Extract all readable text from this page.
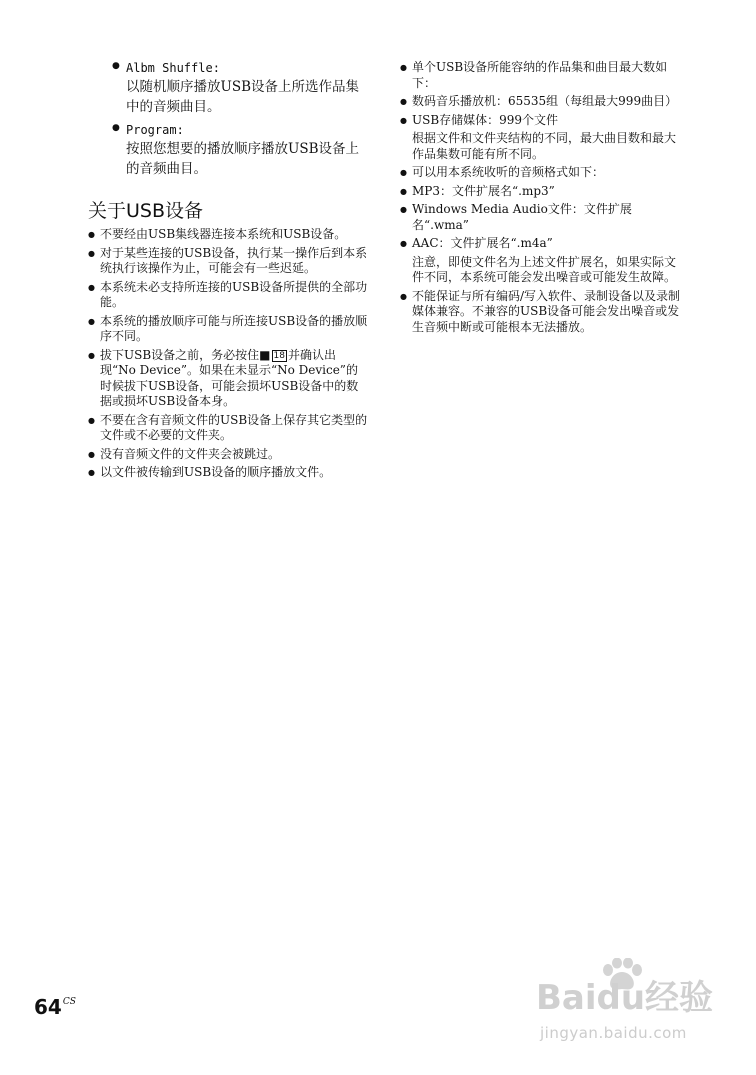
● Albm Shuffle:
以随机顺序播放USB设备上所选作品集中的音频曲目。
● Program:
按照您想要的播放顺序播放USB设备上的音频曲目。
关于USB设备
● 不要经由USB集线器连接本系统和USB设备。
● 对于某些连接的USB设备，执行某一操作后到本系统执行该操作为止，可能会有一些迟延。
● 本系统未必支持所连接的USB设备所提供的全部功能。
● 本系统的播放顺序可能与所连接USB设备的播放顺序不同。
● 拔下USB设备之前，务必按住■ 18 并确认出现“No Device”。如果在未显示“No Device”的时候拔下USB设备，可能会损坏USB设备中的数据或损坏USB设备本身。
● 不要在含有音频文件的USB设备上保存其它类型的文件或不必要的文件夹。
● 没有音频文件的文件夹会被跳过。
● 以文件被传输到USB设备的顺序播放文件。
● 单个USB设备所能容纳的作品集和曲目最大数如下：
● 数码音乐播放机：65535组（每组最大999曲目）
● USB存储媒体：999个文件
根据文件和文件夹结构的不同，最大曲目数和最大作品集数可能有所不同。
● 可以用本系统收听的音频格式如下：
● MP3：文件扩展名“.mp3”
● Windows Media Audio文件：文件扩展名“.wma”
● AAC：文件扩展名“.m4a”
注意，即使文件名为上述文件扩展名，如果实际文件不同，本系统可能会发出噪音或可能发生故障。
● 不能保证与所有编码/写入软件、录制设备以及录制媒体兼容。不兼容的USB设备可能会发出噪音或发生音频中断或可能根本无法播放。
$64^{CS}$	Baidu经验
jingyan.baidu.com
